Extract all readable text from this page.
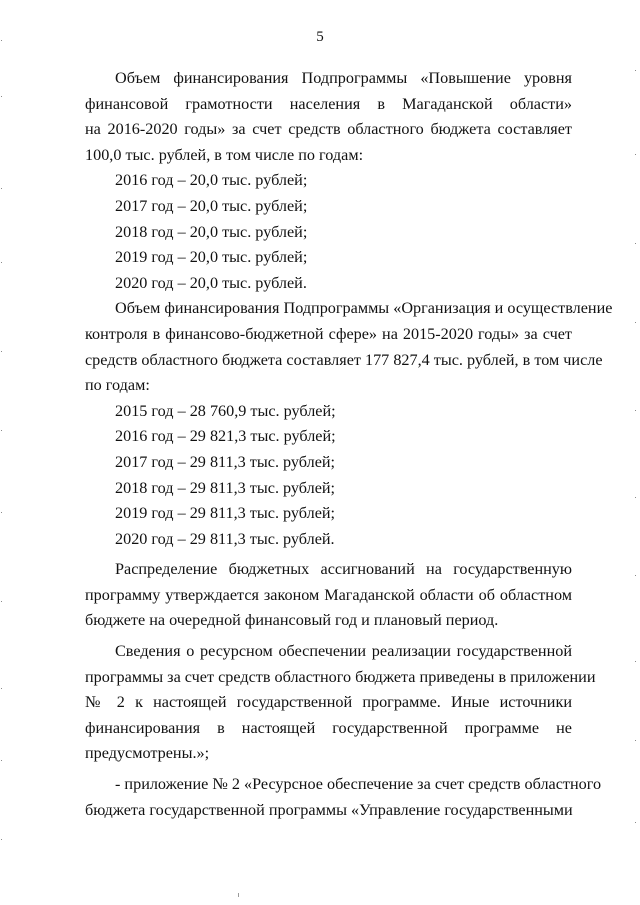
5
Объем финансирования Подпрограммы «Повышение уровня
финансовой грамотности населения в Магаданской области»
на 2016-2020 годы» за счет средств областного бюджета составляет
100,0 тыс. рублей, в том числе по годам:
2016 год – 20,0 тыс. рублей;
2017 год – 20,0 тыс. рублей;
2018 год – 20,0 тыс. рублей;
2019 год – 20,0 тыс. рублей;
2020 год – 20,0 тыс. рублей.
Объем финансирования Подпрограммы «Организация и осуществление
контроля в финансово-бюджетной сфере» на 2015-2020 годы» за счет
средств областного бюджета составляет 177 827,4 тыс. рублей, в том числе
по годам:
2015 год – 28 760,9 тыс. рублей;
2016 год – 29 821,3 тыс. рублей;
2017 год – 29 811,3 тыс. рублей;
2018 год – 29 811,3 тыс. рублей;
2019 год – 29 811,3 тыс. рублей;
2020 год – 29 811,3 тыс. рублей.
Распределение бюджетных ассигнований на государственную
программу утверждается законом Магаданской области об областном
бюджете на очередной финансовый год и плановый период.
Сведения о ресурсном обеспечении реализации государственной
программы за счет средств областного бюджета приведены в приложении
№ 2 к настоящей государственной программе. Иные источники
финансирования в настоящей государственной программе не
предусмотрены.»;
- приложение № 2 «Ресурсное обеспечение за счет средств областного
бюджета государственной программы «Управление государственными
